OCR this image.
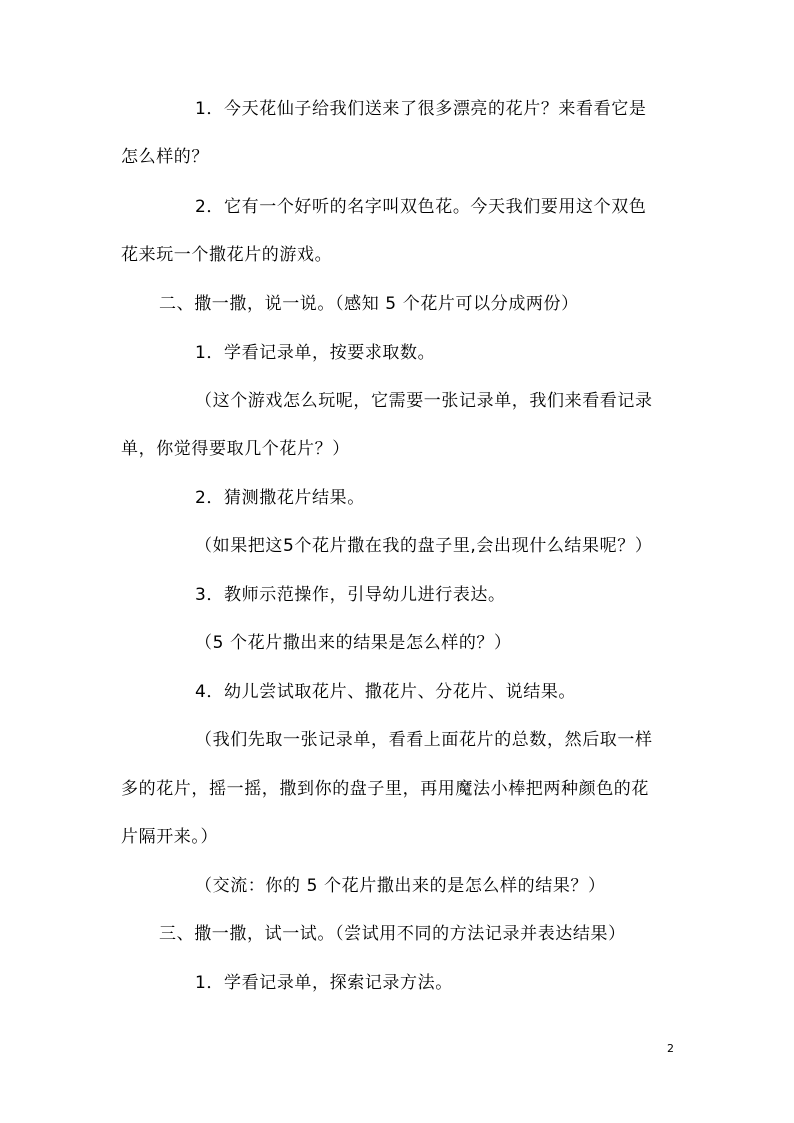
1．今天花仙子给我们送来了很多漂亮的花片？来看看它是
怎么样的？
2．它有一个好听的名字叫双色花。今天我们要用这个双色
花来玩一个撒花片的游戏。
二、撒一撒，说一说。（感知 5 个花片可以分成两份）
1．学看记录单，按要求取数。
（这个游戏怎么玩呢，它需要一张记录单，我们来看看记录
单，你觉得要取几个花片？）
2．猜测撒花片结果。
（如果把这5个花片撒在我的盘子里,会出现什么结果呢？）
3．教师示范操作，引导幼儿进行表达。
（5 个花片撒出来的结果是怎么样的？）
4．幼儿尝试取花片、撒花片、分花片、说结果。
（我们先取一张记录单，看看上面花片的总数，然后取一样
多的花片，摇一摇，撒到你的盘子里，再用魔法小棒把两种颜色的花
片隔开来。）
（交流：你的 5 个花片撒出来的是怎么样的结果？）
三、撒一撒，试一试。（尝试用不同的方法记录并表达结果）
1．学看记录单，探索记录方法。
2
